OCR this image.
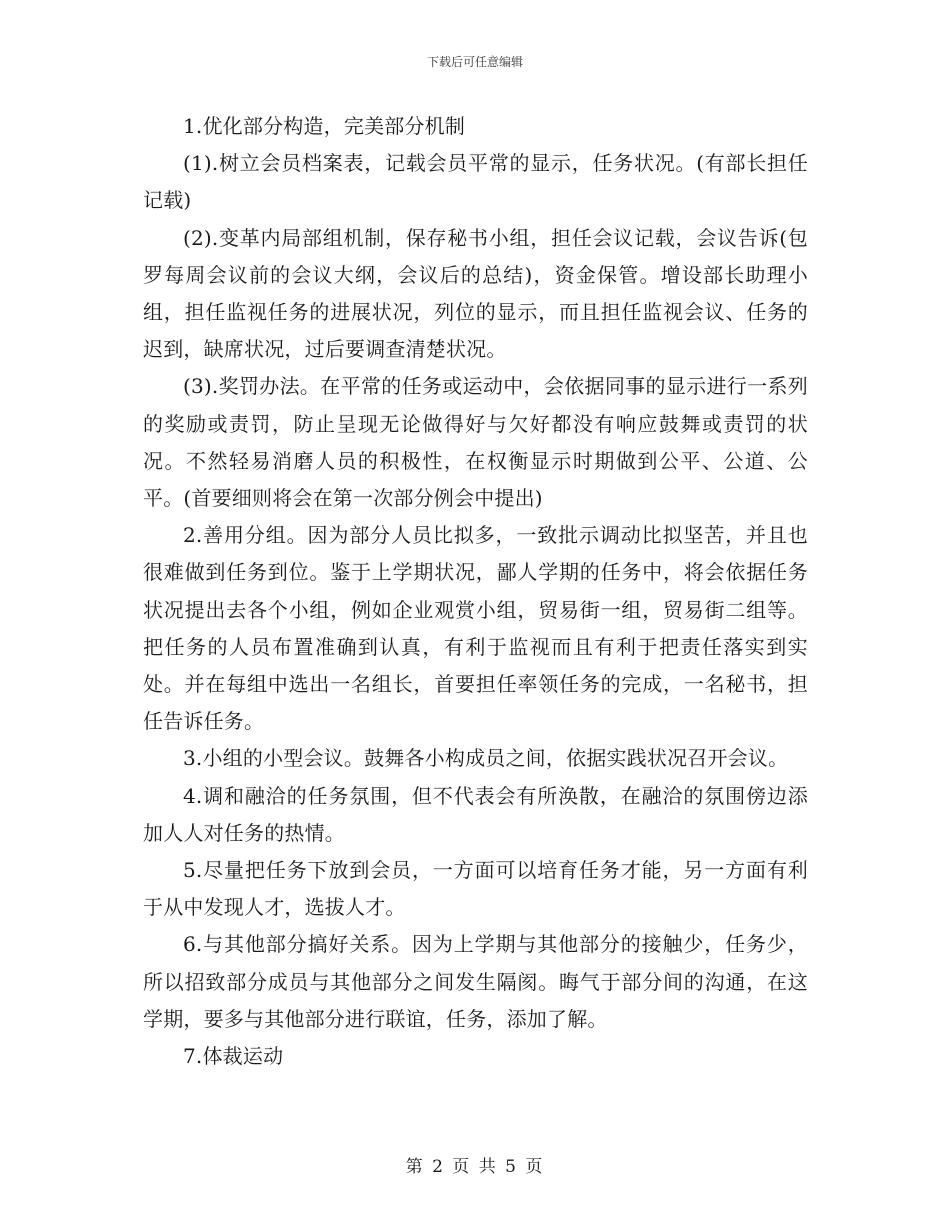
下载后可任意编辑

1.优化部分构造，完美部分机制

(1).树立会员档案表，记载会员平常的显示，任务状况。(有部长担任记载)

(2).变革内局部组机制，保存秘书小组，担任会议记载，会议告诉(包罗每周会议前的会议大纲，会议后的总结)，资金保管。增设部长助理小组，担任监视任务的进展状况，列位的显示，而且担任监视会议、任务的迟到，缺席状况，过后要调查清楚状况。

(3).奖罚办法。在平常的任务或运动中，会依据同事的显示进行一系列的奖励或责罚，防止呈现无论做得好与欠好都没有响应鼓舞或责罚的状况。不然轻易消磨人员的积极性，在权衡显示时期做到公平、公道、公平。(首要细则将会在第一次部分例会中提出)

2.善用分组。因为部分人员比拟多，一致批示调动比拟坚苦，并且也很难做到任务到位。鉴于上学期状况，鄙人学期的任务中，将会依据任务状况提出去各个小组，例如企业观赏小组，贸易街一组，贸易街二组等。把任务的人员布置准确到认真，有利于监视而且有利于把责任落实到实处。并在每组中选出一名组长，首要担任率领任务的完成，一名秘书，担任告诉任务。

3.小组的小型会议。鼓舞各小构成员之间，依据实践状况召开会议。

4.调和融洽的任务氛围，但不代表会有所涣散，在融洽的氛围傍边添加人人对任务的热情。

5.尽量把任务下放到会员，一方面可以培育任务才能，另一方面有利于从中发现人才，选拔人才。

6.与其他部分搞好关系。因为上学期与其他部分的接触少，任务少，所以招致部分成员与其他部分之间发生隔阂。晦气于部分间的沟通，在这学期，要多与其他部分进行联谊，任务，添加了解。

7.体裁运动

第 2 页 共 5 页
